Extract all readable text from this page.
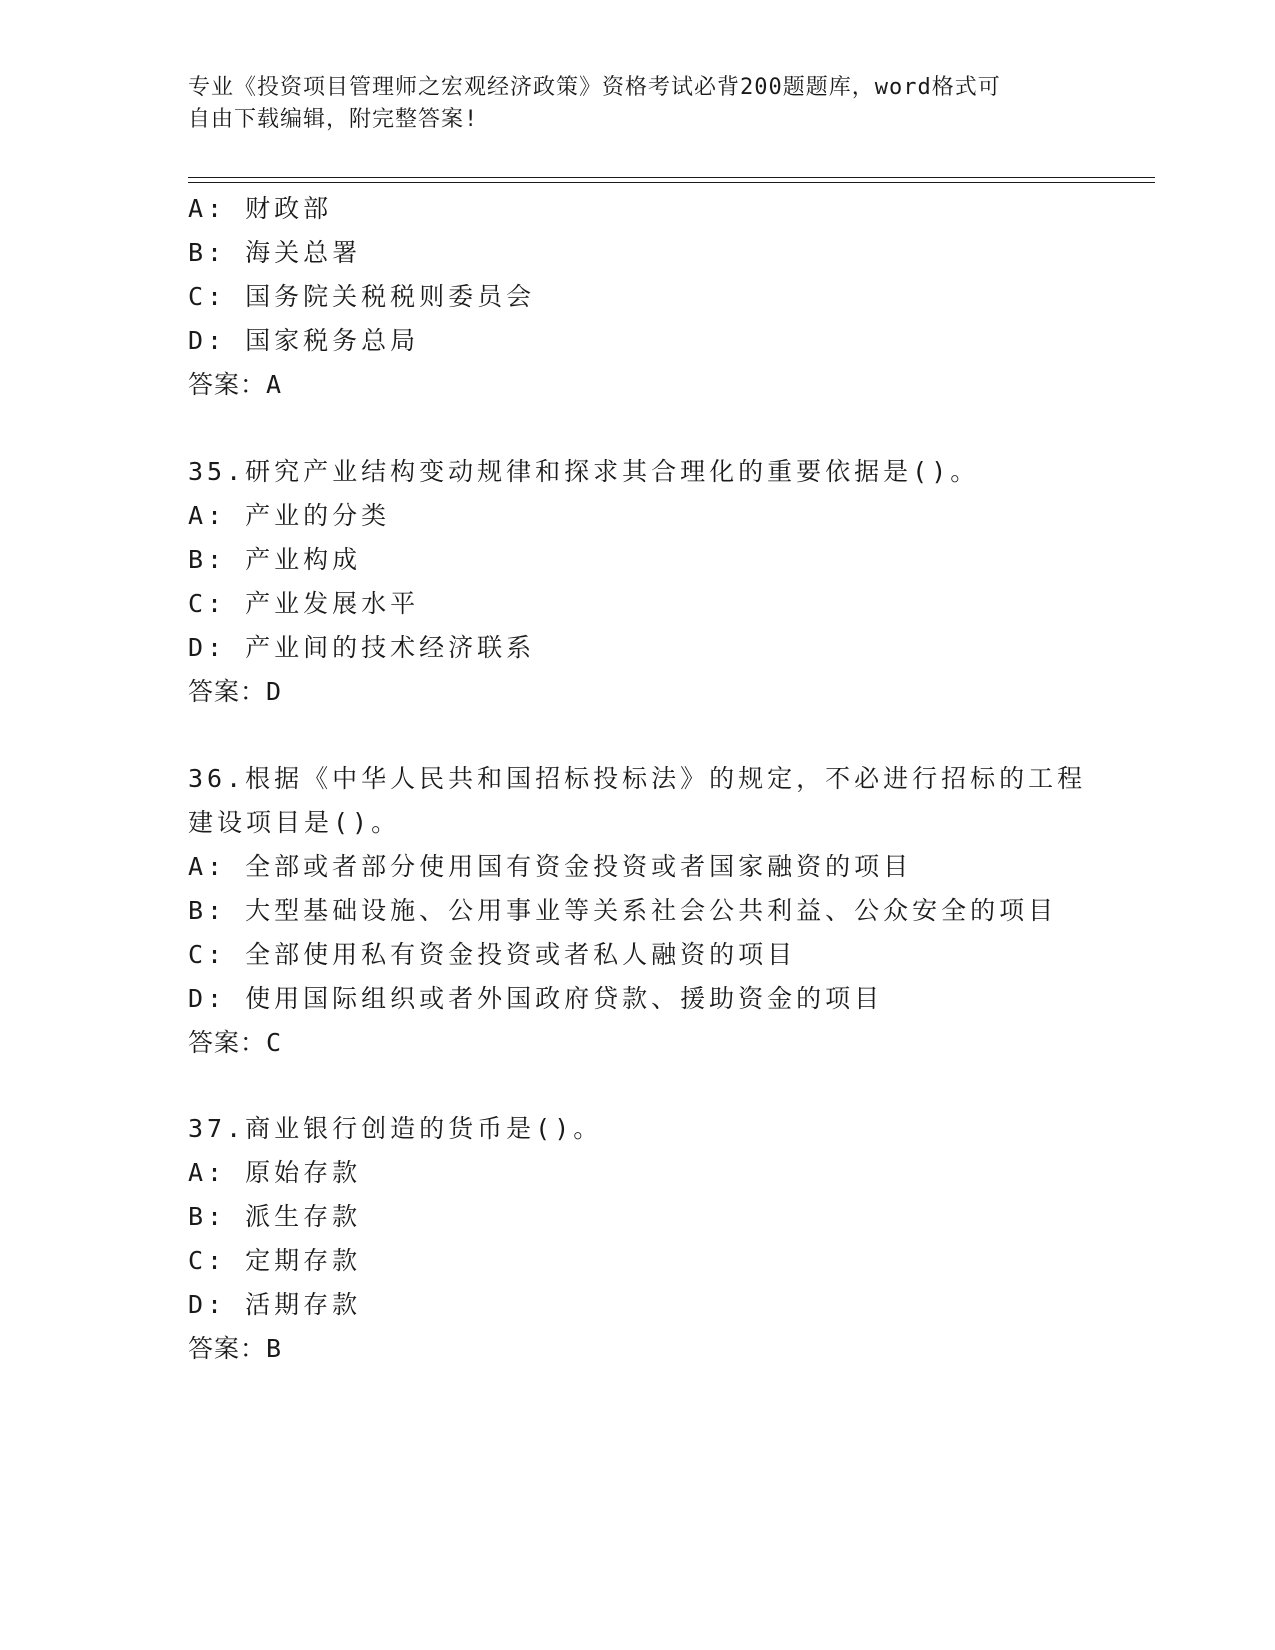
专业《投资项目管理师之宏观经济政策》资格考试必背200题题库，word格式可
自由下载编辑，附完整答案!
A: 财政部
B: 海关总署
C: 国务院关税税则委员会
D: 国家税务总局
答案：A
35.研究产业结构变动规律和探求其合理化的重要依据是()。
A: 产业的分类
B: 产业构成
C: 产业发展水平
D: 产业间的技术经济联系
答案：D
36.根据《中华人民共和国招标投标法》的规定，不必进行招标的工程
建设项目是()。
A: 全部或者部分使用国有资金投资或者国家融资的项目
B: 大型基础设施、公用事业等关系社会公共利益、公众安全的项目
C: 全部使用私有资金投资或者私人融资的项目
D: 使用国际组织或者外国政府贷款、援助资金的项目
答案：C
37.商业银行创造的货币是()。
A: 原始存款
B: 派生存款
C: 定期存款
D: 活期存款
答案：B
